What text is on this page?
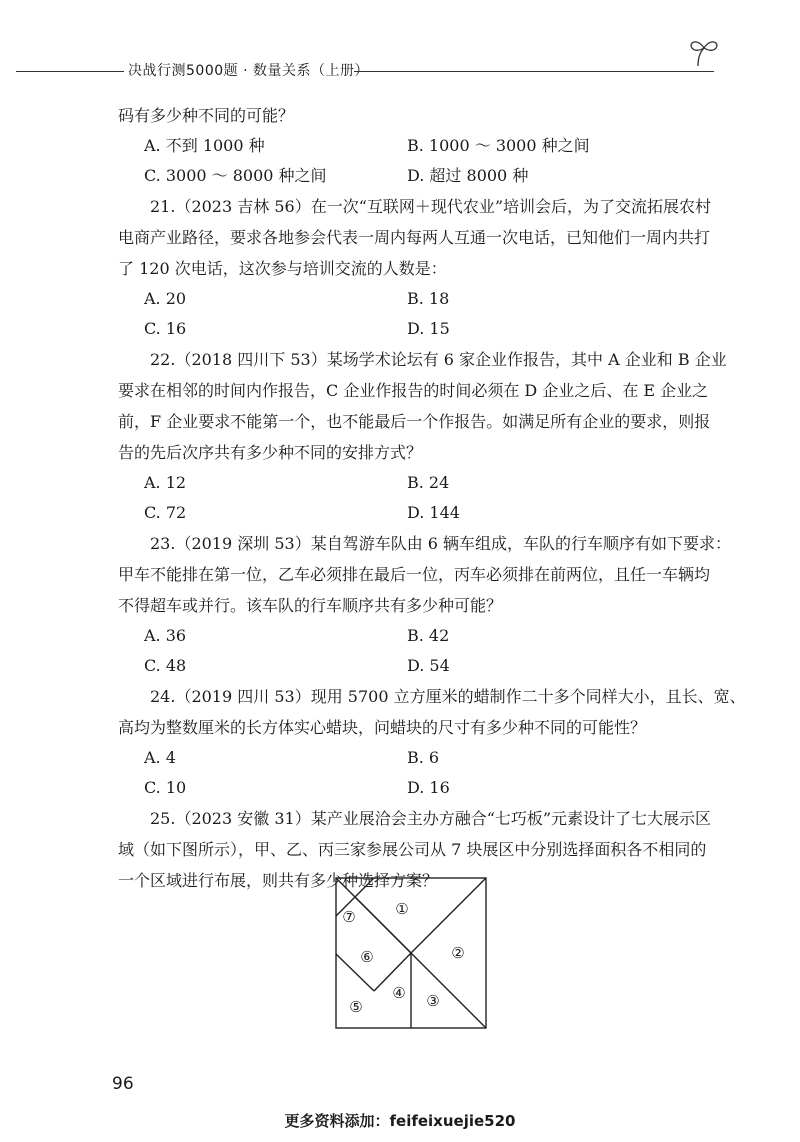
决战行测5000题 · 数量关系（上册）
码有多少种不同的可能？
A. 不到 1000 种	B. 1000 ～ 3000 种之间
C. 3000 ～ 8000 种之间	D. 超过 8000 种
21.（2023 吉林 56）在一次“互联网＋现代农业”培训会后，为了交流拓展农村
电商产业路径，要求各地参会代表一周内每两人互通一次电话，已知他们一周内共打
了 120 次电话，这次参与培训交流的人数是：
A. 20	B. 18
C. 16	D. 15
22.（2018 四川下 53）某场学术论坛有 6 家企业作报告，其中 A 企业和 B 企业
要求在相邻的时间内作报告，C 企业作报告的时间必须在 D 企业之后、在 E 企业之
前，F 企业要求不能第一个，也不能最后一个作报告。如满足所有企业的要求，则报
告的先后次序共有多少种不同的安排方式？
A. 12	B. 24
C. 72	D. 144
23.（2019 深圳 53）某自驾游车队由 6 辆车组成，车队的行车顺序有如下要求：
甲车不能排在第一位，乙车必须排在最后一位，丙车必须排在前两位，且任一车辆均
不得超车或并行。该车队的行车顺序共有多少种可能？
A. 36	B. 42
C. 48	D. 54
24.（2019 四川 53）现用 5700 立方厘米的蜡制作二十多个同样大小，且长、宽、
高均为整数厘米的长方体实心蜡块，问蜡块的尺寸有多少种不同的可能性？
A. 4	B. 6
C. 10	D. 16
25.（2023 安徽 31）某产业展洽会主办方融合“七巧板”元素设计了七大展示区
域（如下图所示），甲、乙、丙三家参展公司从 7 块展区中分别选择面积各不相同的
一个区域进行布展，则共有多少种选择方案？
①
②
③
④
⑤
⑥
⑦
96
更多资料添加：feifeixuejie520
